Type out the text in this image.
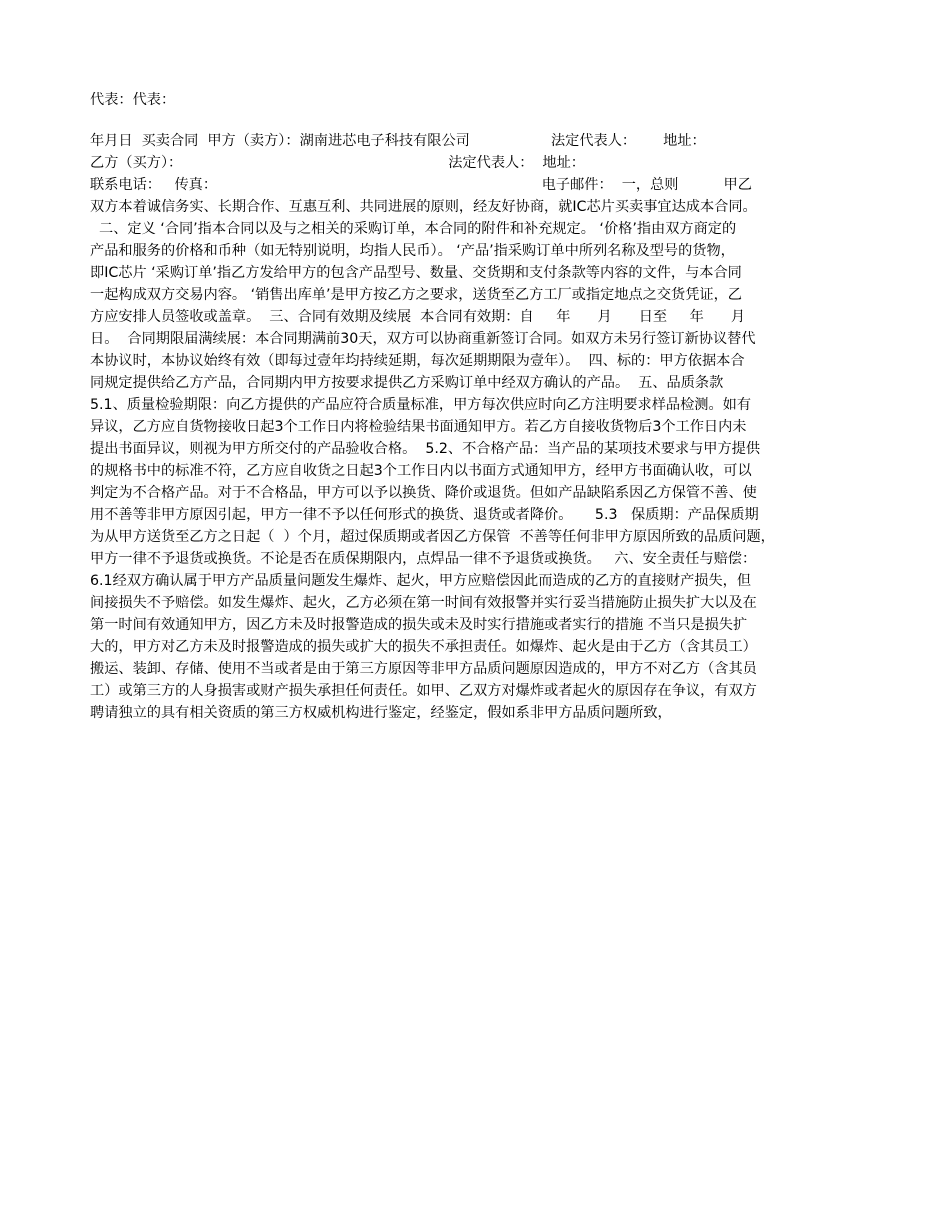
代表：代表：
年月日  买卖合同  甲方（卖方）：湖南进芯电子科技有限公司                  法定代表人：      地址：
乙方（买方）：                                                           法定代表人：  地址：
联系电话：   传真：                                                                        电子邮件：  一，总则          甲乙
双方本着诚信务实、长期合作、互惠互利、共同进展的原则，经友好协商，就IC芯片买卖事宜达成本合同。
二、定义 ‘合同’指本合同以及与之相关的采购订单，本合同的附件和补充规定。 ‘价格’指由双方商定的
产品和服务的价格和币种（如无特别说明，均指人民币）。 ‘产品’指采购订单中所列名称及型号的货物，
即IC芯片 ‘采购订单’指乙方发给甲方的包含产品型号、数量、交货期和支付条款等内容的文件，与本合同
一起构成双方交易内容。 ‘销售出库单’是甲方按乙方之要求，送货至乙方工厂或指定地点之交货凭证，乙
方应安排人员签收或盖章。  三、合同有效期及续展  本合同有效期：自     年      月      日至     年      月
日。  合同期限届满续展：本合同期满前30天，双方可以协商重新签订合同。如双方未另行签订新协议替代
本协议时，本协议始终有效（即每过壹年均持续延期，每次延期期限为壹年）。  四、标的：甲方依据本合
同规定提供给乙方产品，合同期内甲方按要求提供乙方采购订单中经双方确认的产品。  五、品质条款
5.1、质量检验期限：向乙方提供的产品应符合质量标准，甲方每次供应时向乙方注明要求样品检测。如有
异议，乙方应自货物接收日起3个工作日内将检验结果书面通知甲方。若乙方自接收货物后3个工作日内未
提出书面异议，则视为甲方所交付的产品验收合格。  5.2、不合格产品：当产品的某项技术要求与甲方提供
的规格书中的标准不符，乙方应自收货之日起3个工作日内以书面方式通知甲方，经甲方书面确认收，可以
判定为不合格产品。对于不合格品，甲方可以予以换货、降价或退货。但如产品缺陷系因乙方保管不善、使
用不善等非甲方原因引起，甲方一律不予以任何形式的换货、退货或者降价。     5.3   保质期：产品保质期
为从甲方送货至乙方之日起（  ）个月，超过保质期或者因乙方保管  不善等任何非甲方原因所致的品质问题，
甲方一律不予退货或换货。不论是否在质保期限内，点焊品一律不予退货或换货。   六、安全责任与赔偿：
6.1经双方确认属于甲方产品质量问题发生爆炸、起火，甲方应赔偿因此而造成的乙方的直接财产损失，但
间接损失不予赔偿。如发生爆炸、起火，乙方必须在第一时间有效报警并实行妥当措施防止损失扩大以及在
第一时间有效通知甲方，因乙方未及时报警造成的损失或未及时实行措施或者实行的措施 不当只是损失扩
大的，甲方对乙方未及时报警造成的损失或扩大的损失不承担责任。如爆炸、起火是由于乙方（含其员工）
搬运、装卸、存储、使用不当或者是由于第三方原因等非甲方品质问题原因造成的，甲方不对乙方（含其员
工）或第三方的人身损害或财产损失承担任何责任。如甲、乙双方对爆炸或者起火的原因存在争议，有双方
聘请独立的具有相关资质的第三方权威机构进行鉴定，经鉴定，假如系非甲方品质问题所致，
